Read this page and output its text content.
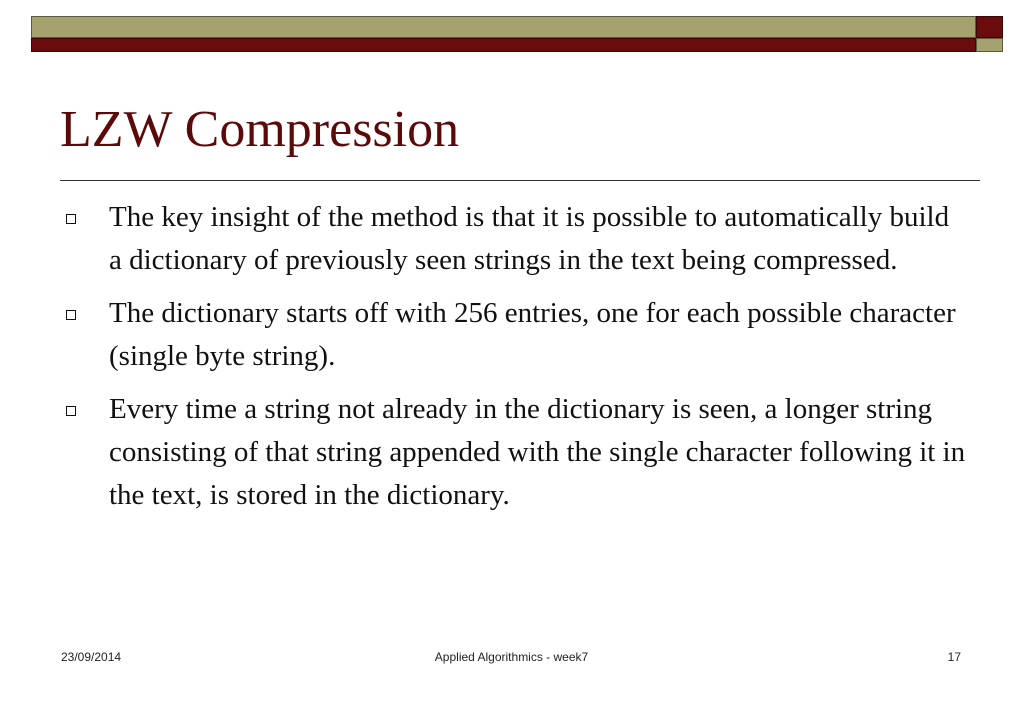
LZW Compression
The key insight of the method is that it is possible to automatically build a dictionary of previously seen strings in the text being compressed.
The dictionary starts off with 256 entries, one for each possible character (single byte string).
Every time a string not already in the dictionary is seen, a longer string consisting of that string appended with the single character following it in the text, is stored in the dictionary.
23/09/2014	Applied Algorithmics - week7	17
